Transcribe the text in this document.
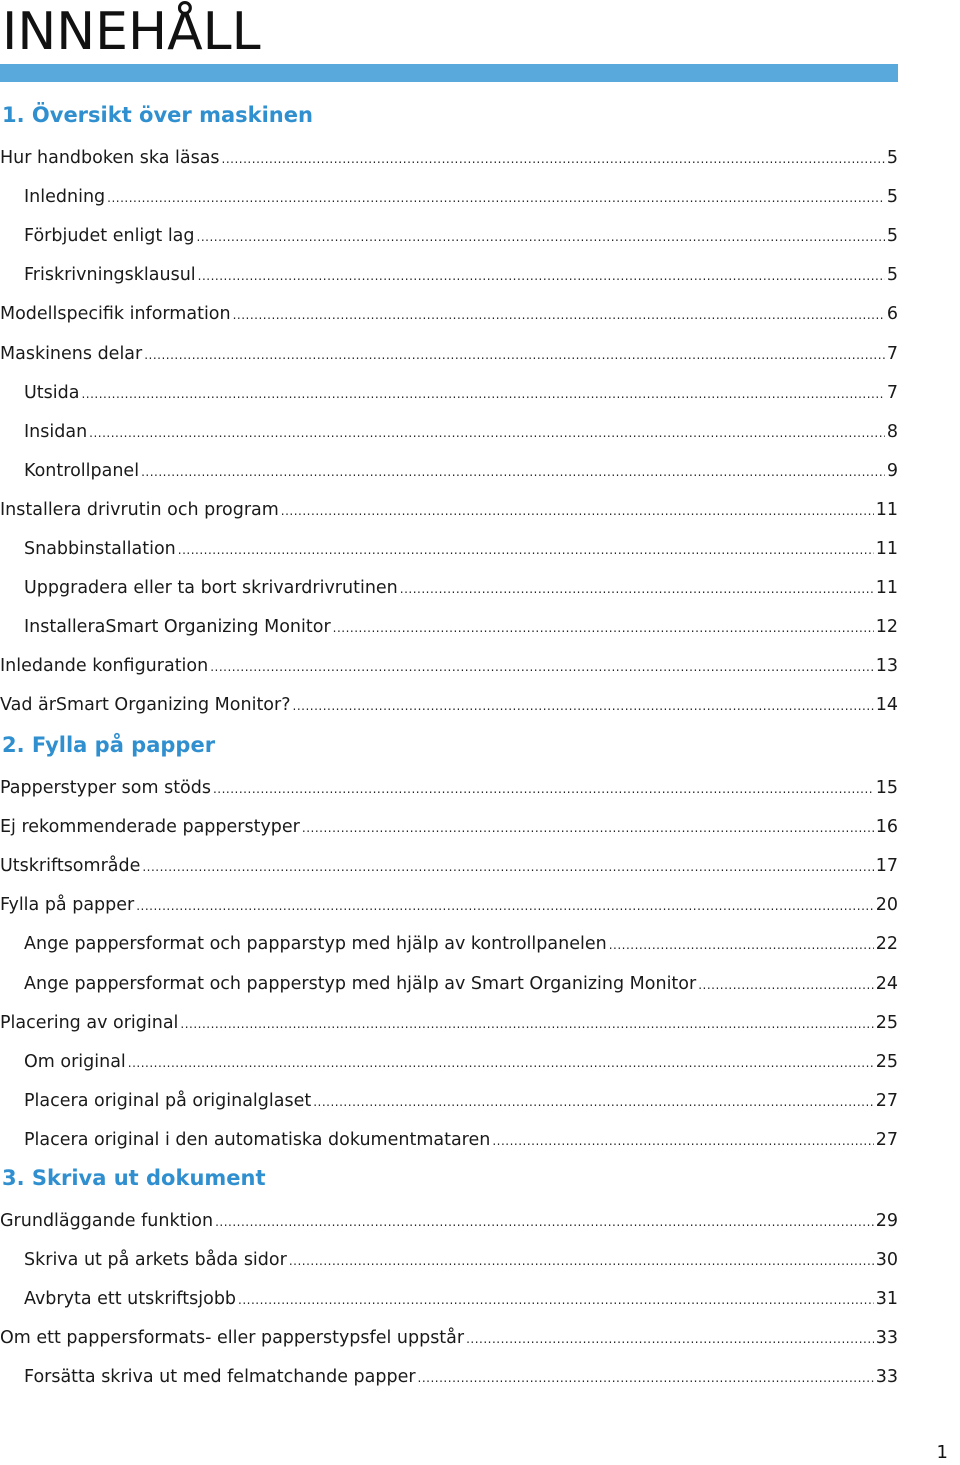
INNEHÅLL
1. Översikt över maskinen
Hur handboken ska läsas .....	5
Inledning .....	5
Förbjudet enligt lag .....	5
Friskrivningsklausul .....	5
Modellspecifik information .....	6
Maskinens delar .....	7
Utsida .....	7
Insidan .....	8
Kontrollpanel .....	9
Installera drivrutin och program .....	11
Snabbinstallation .....	11
Uppgradera eller ta bort skrivardrivrutinen .....	11
InstalleraSmart Organizing Monitor .....	12
Inledande konfiguration .....	13
Vad ärSmart Organizing Monitor? .....	14
2. Fylla på papper
Papperstyper som stöds .....	15
Ej rekommenderade papperstyper .....	16
Utskriftsområde .....	17
Fylla på papper .....	20
Ange pappersformat och papparstyp med hjälp av kontrollpanelen .....	22
Ange pappersformat och papperstyp med hjälp av Smart Organizing Monitor .....	24
Placering av original .....	25
Om original .....	25
Placera original på originalglaset .....	27
Placera original i den automatiska dokumentmataren .....	27
3. Skriva ut dokument
Grundläggande funktion .....	29
Skriva ut på arkets båda sidor .....	30
Avbryta ett utskriftsjobb .....	31
Om ett pappersformats- eller papperstypsfel uppstår .....	33
Forsätta skriva ut med felmatchande papper .....	33
1
